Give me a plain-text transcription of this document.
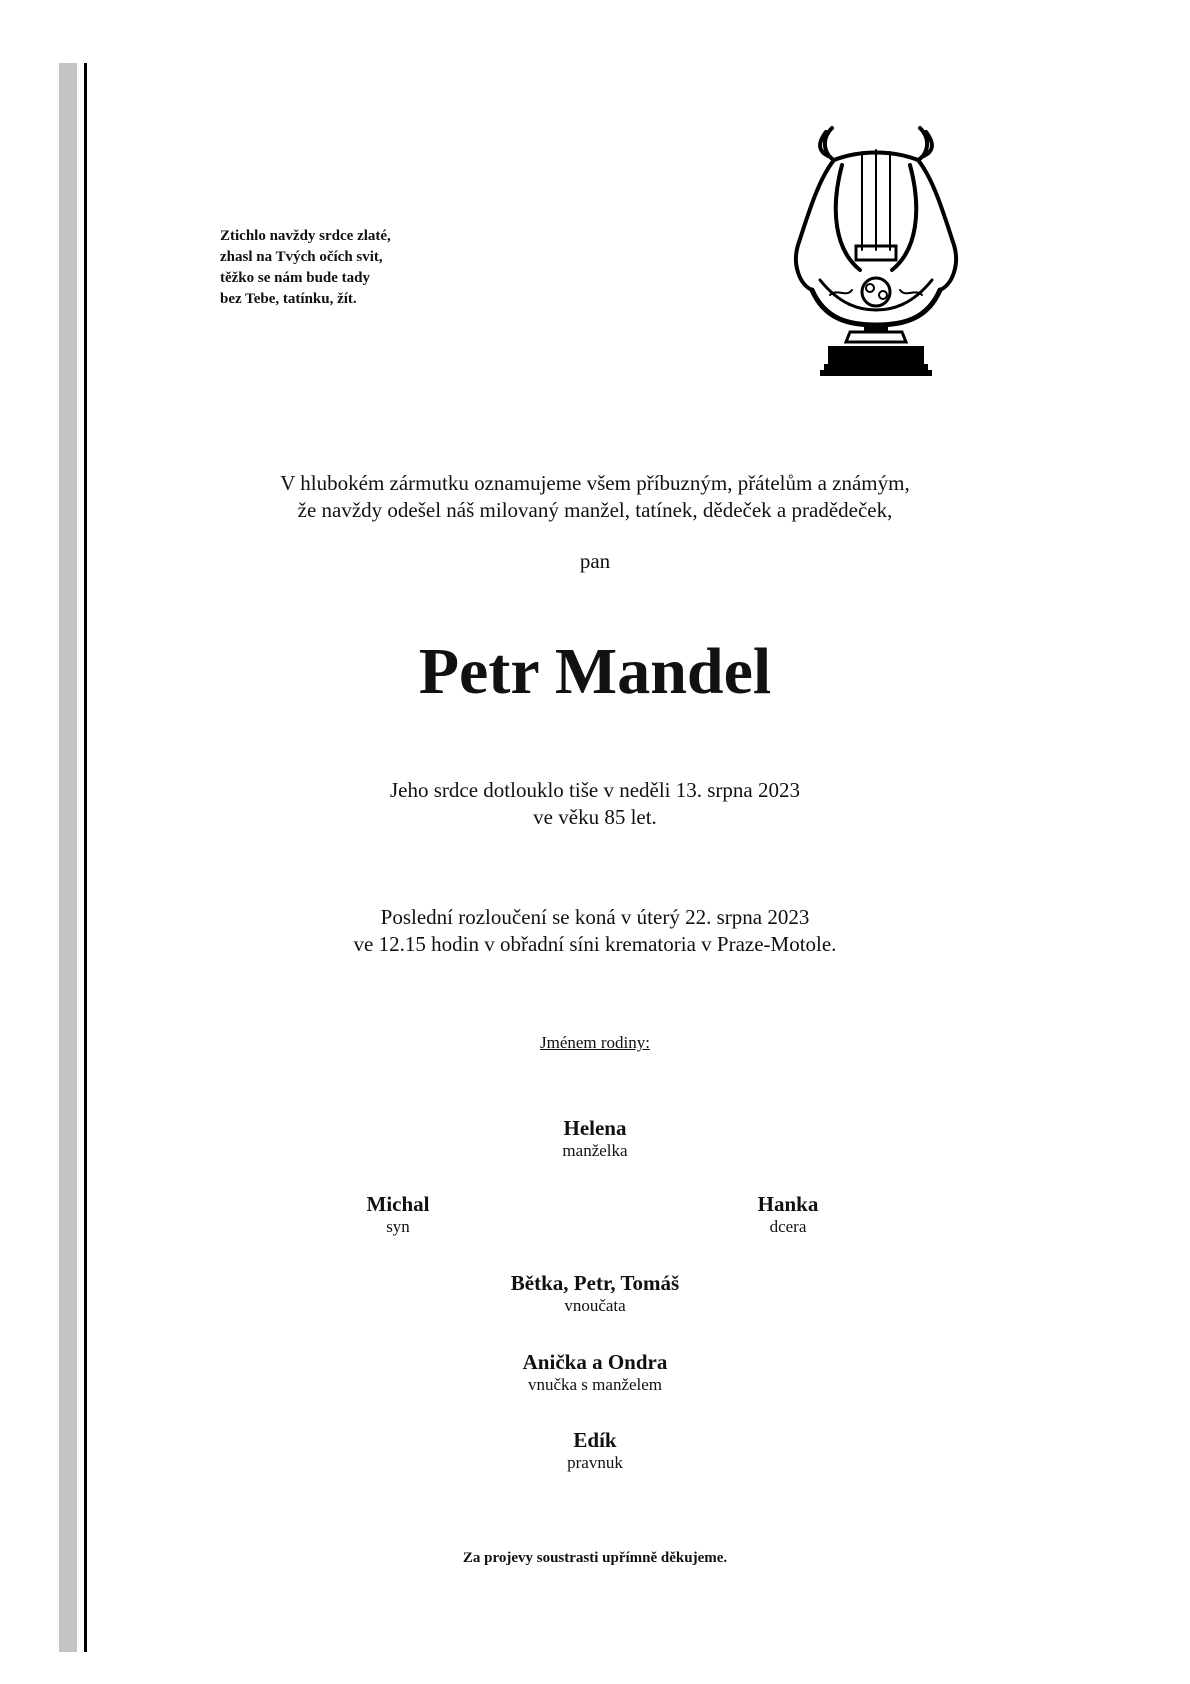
Ztichlo navždy srdce zlaté,
zhasl na Tvých očích svit,
těžko se nám bude tady
bez Tebe, tatínku, žít.
V hlubokém zármutku oznamujeme všem příbuzným, přátelům a známým,
že navždy odešel náš milovaný manžel, tatínek, dědeček a pradědeček,
pan
Petr Mandel
Jeho srdce dotlouklo tiše v neděli 13. srpna 2023
ve věku 85 let.
Poslední rozloučení se koná v úterý 22. srpna 2023
ve 12.15 hodin v obřadní síni krematoria v Praze-Motole.
Jménem rodiny:
Helena
manželka
Michal
syn
Hanka
dcera
Bětka, Petr, Tomáš
vnoučata
Anička a Ondra
vnučka s manželem
Edík
pravnuk
Za projevy soustrasti upřímně děkujeme.
